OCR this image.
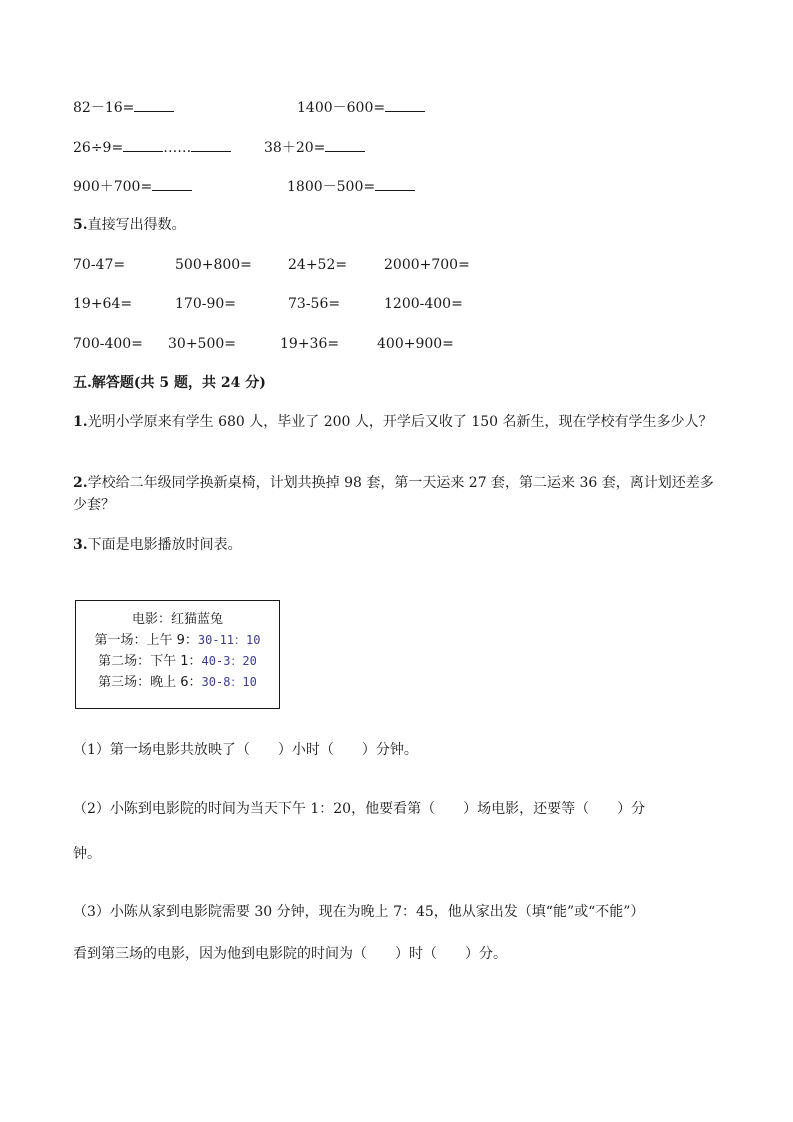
82－16=	1400－600=
26÷9=	……	38＋20=
900＋700=	1800－500=
5.直接写出得数。
70-47=	500+800=	24+52=	2000+700=
19+64=	170-90=	73-56=	1200-400=
700-400= 30+500=	19+36=	400+900=
五.解答题(共 5 题，共 24 分)
1.光明小学原来有学生 680 人，毕业了 200 人，开学后又收了 150 名新生，现在学校有学生多少人？
2.学校给二年级同学换新桌椅，计划共换掉 98 套，第一天运来 27 套，第二运来 36 套，离计划还差多少套？
3.下面是电影播放时间表。
电影：红猫蓝兔
第一场：上午 9：30-11：10
第二场：下午 1：40-3：20
第三场：晚上 6：30-8：10
（1）第一场电影共放映了（　　）小时（　　）分钟。
（2）小陈到电影院的时间为当天下午 1：20，他要看第（　　）场电影，还要等（　　）分
钟。
（3）小陈从家到电影院需要 30 分钟，现在为晚上 7：45，他从家出发（填“能”或“不能”）
看到第三场的电影，因为他到电影院的时间为（　　）时（　　）分。
